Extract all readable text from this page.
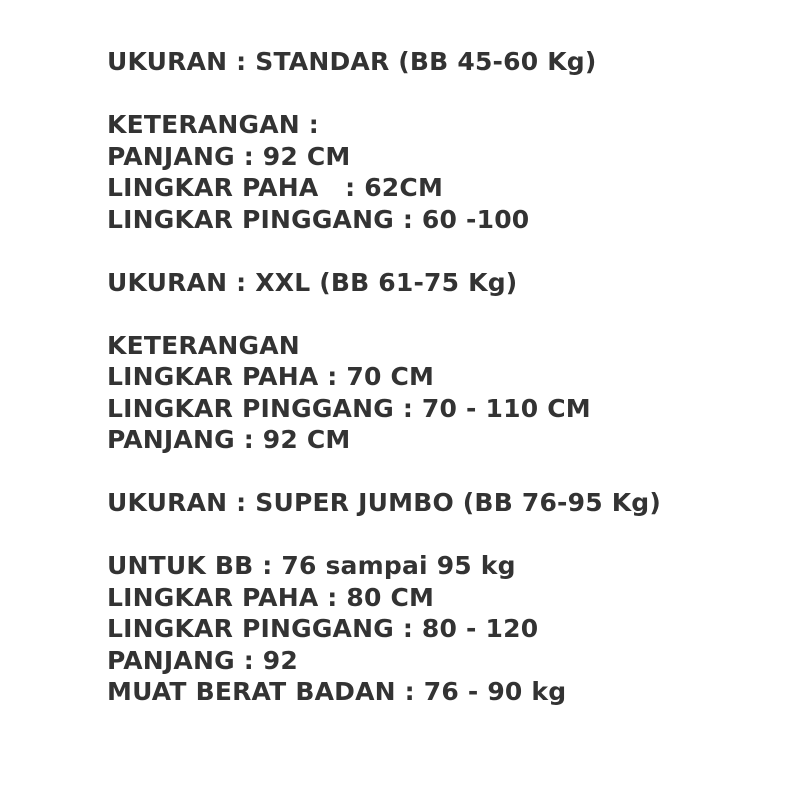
UKURAN : STANDAR (BB 45-60 Kg)
KETERANGAN :
PANJANG : 92 CM
LINGKAR PAHA   : 62CM
LINGKAR PINGGANG : 60 -100
UKURAN : XXL (BB 61-75 Kg)
KETERANGAN
LINGKAR PAHA : 70 CM
LINGKAR PINGGANG : 70 - 110 CM
PANJANG : 92 CM
UKURAN : SUPER JUMBO (BB 76-95 Kg)
UNTUK BB : 76 sampai 95 kg
LINGKAR PAHA : 80 CM
LINGKAR PINGGANG : 80 - 120
PANJANG : 92
MUAT BERAT BADAN : 76 - 90 kg
